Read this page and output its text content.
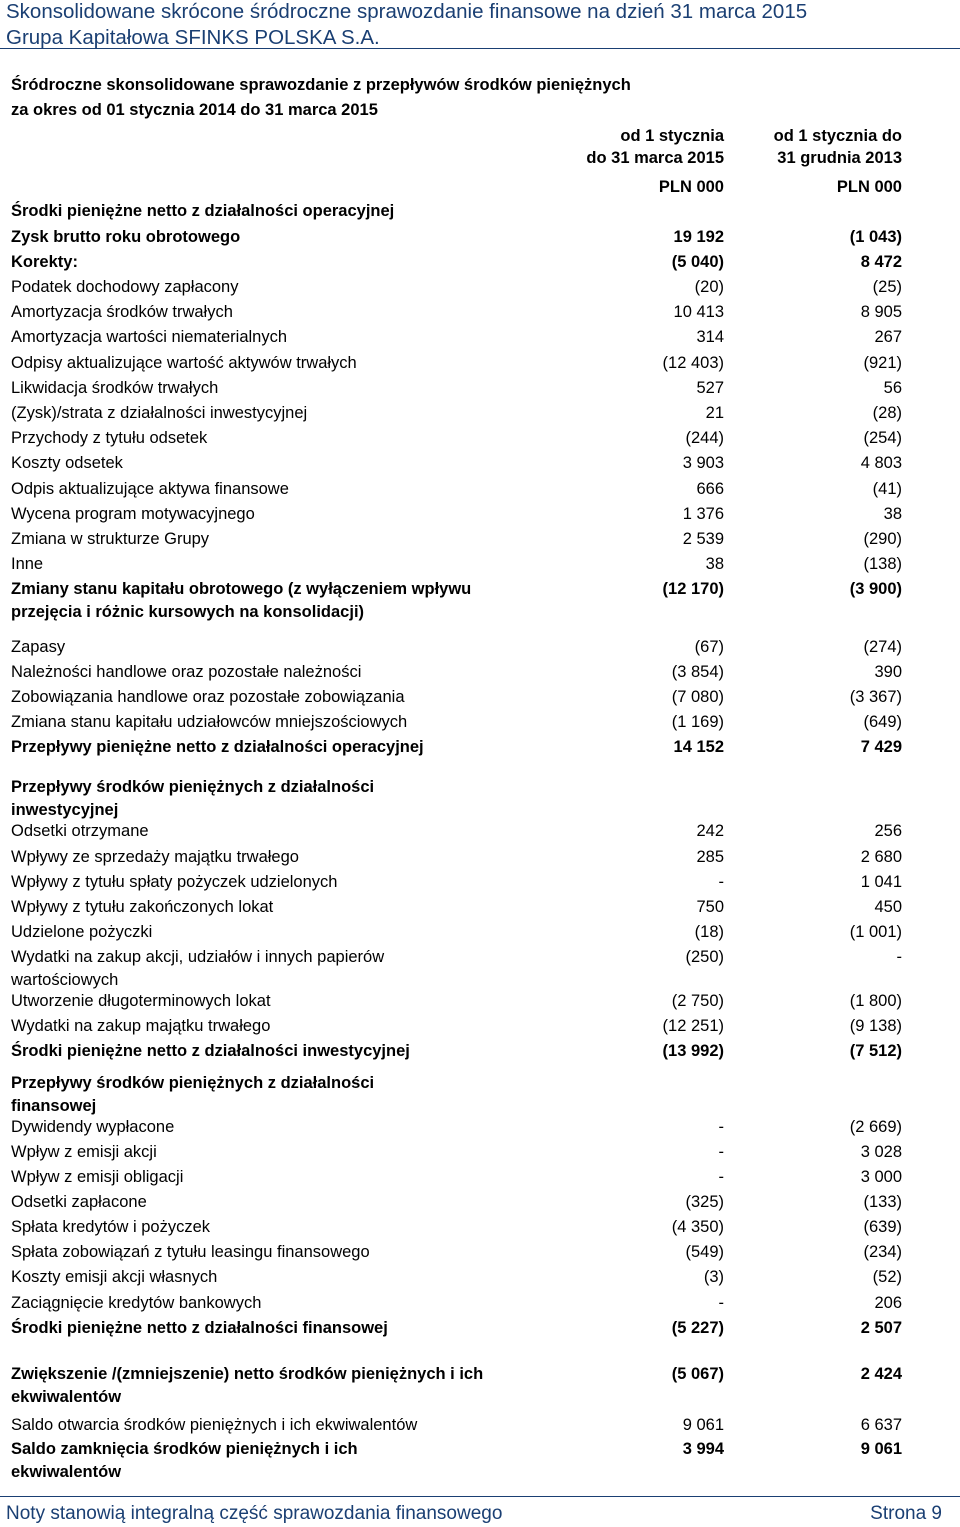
Skonsolidowane skrócone śródroczne sprawozdanie finansowe na dzień 31 marca 2015
Grupa Kapitałowa SFINKS POLSKA S.A.
Śródroczne skonsolidowane sprawozdanie z przepływów środków pieniężnych
za okres od 01 stycznia 2014 do 31 marca 2015
od 1 stycznia
do 31 marca 2015
od 1 stycznia do
31 grudnia 2013
PLN 000	PLN 000
Środki pieniężne netto z działalności operacyjnej
Zysk brutto roku obrotowego	19 192	(1 043)
Korekty:	(5 040)	8 472
Podatek dochodowy zapłacony	(20)	(25)
Amortyzacja środków trwałych	10 413	8 905
Amortyzacja wartości niematerialnych	314	267
Odpisy aktualizujące wartość aktywów trwałych	(12 403)	(921)
Likwidacja środków trwałych	527	56
(Zysk)/strata z działalności inwestycyjnej	21	(28)
Przychody z tytułu odsetek	(244)	(254)
Koszty odsetek	3 903	4 803
Odpis aktualizujące aktywa finansowe	666	(41)
Wycena program motywacyjnego	1 376	38
Zmiana w strukturze Grupy	2 539	(290)
Inne	38	(138)
Zmiany stanu kapitału obrotowego (z wyłączeniem wpływu przejęcia i różnic kursowych na konsolidacji)
(12 170)	(3 900)
Zapasy	(67)	(274)
Należności handlowe oraz pozostałe należności	(3 854)	390
Zobowiązania handlowe oraz pozostałe zobowiązania	(7 080)	(3 367)
Zmiana stanu kapitału udziałowców mniejszościowych	(1 169)	(649)
Przepływy pieniężne netto z działalności operacyjnej	14 152	7 429
Przepływy środków pieniężnych z działalności inwestycyjnej
Odsetki otrzymane	242	256
Wpływy ze sprzedaży majątku trwałego	285	2 680
Wpływy z tytułu spłaty pożyczek udzielonych	-	1 041
Wpływy z tytułu zakończonych lokat	750	450
Udzielone pożyczki	(18)	(1 001)
Wydatki na zakup akcji, udziałów i innych papierów wartościowych
(250)	-
Utworzenie długoterminowych lokat	(2 750)	(1 800)
Wydatki na zakup majątku trwałego	(12 251)	(9 138)
Środki pieniężne netto z działalności inwestycyjnej	(13 992)	(7 512)
Przepływy środków pieniężnych z działalności finansowej
Dywidendy wypłacone	-	(2 669)
Wpływ z emisji akcji	-	3 028
Wpływ z emisji obligacji	-	3 000
Odsetki zapłacone	(325)	(133)
Spłata kredytów i pożyczek	(4 350)	(639)
Spłata zobowiązań z tytułu leasingu finansowego	(549)	(234)
Koszty emisji akcji własnych	(3)	(52)
Zaciągnięcie kredytów bankowych	-	206
Środki pieniężne netto z działalności finansowej	(5 227)	2 507
Zwiększenie /(zmniejszenie) netto środków pieniężnych i ich ekwiwalentów
(5 067)	2 424
Saldo otwarcia środków pieniężnych i ich ekwiwalentów	9 061	6 637
Saldo zamknięcia środków pieniężnych i ich ekwiwalentów
3 994	9 061
Noty stanowią integralną część sprawozdania finansowego	Strona 9
